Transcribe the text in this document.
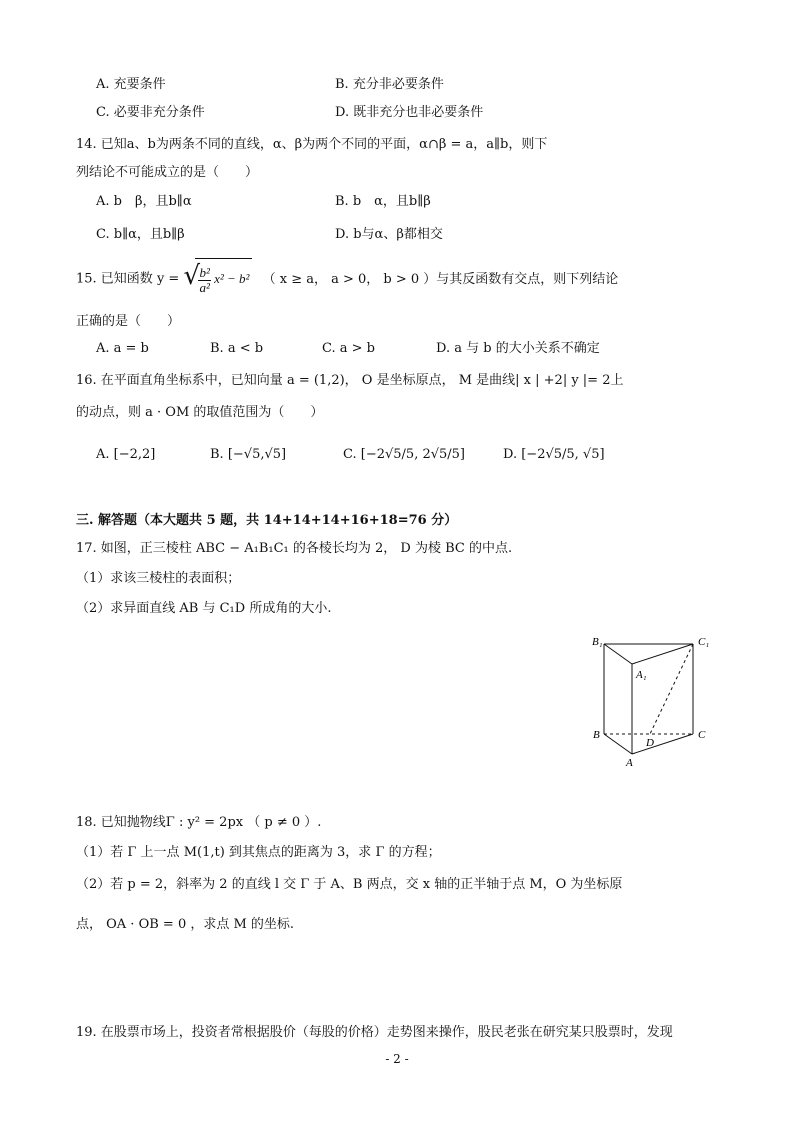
A. 充要条件	B. 充分非必要条件
C. 必要非充分条件	D. 既非充分也非必要条件
14. 已知a、b为两条不同的直线，α、β为两个不同的平面，α∩β = a，a∥b，则下
列结论不可能成立的是（　　）
A. b　β，且b∥α	B. b　α，且b∥β
C. b∥α，且b∥β	D. b与α、β都相交
15. 已知函数 y =
√ $\frac{\text{b²}}{\text{a²}} x^2 - b^2$ （ x ≥ a， a > 0， b > 0 ）与其反函数有交点，则下列结论
正确的是（　　）
A. a = b	B. a < b	C. a > b	D. a 与 b 的大小关系不确定
16. 在平面直角坐标系中，已知向量 a = (1,2)， O 是坐标原点， M 是曲线| x | +2| y |= 2上
的动点，则 a · OM 的取值范围为（　　）
A. [−2,2]	B. [−√5,√5]	C. [−2√5/5, 2√5/5]	D. [−2√5/5, √5]
三. 解答题（本大题共 5 题，共 14+14+14+16+18=76 分）
17. 如图，正三棱柱 ABC − A₁B₁C₁ 的各棱长均为 2， D 为棱 BC 的中点.
（1）求该三棱柱的表面积；
（2）求异面直线 AB 与 C₁D 所成角的大小.
B₁	C₁
A₁
B	C
D
A
18. 已知抛物线Γ : y² = 2px （ p ≠ 0 ）.
（1）若 Γ 上一点 M(1,t) 到其焦点的距离为 3，求 Γ 的方程；
（2）若 p = 2，斜率为 2 的直线 l 交 Γ 于 A、B 两点，交 x 轴的正半轴于点 M，O 为坐标原
点， OA · OB = 0 ，求点 M 的坐标.
19. 在股票市场上，投资者常根据股价（每股的价格）走势图来操作，股民老张在研究某只股票时，发现
- 2 -
